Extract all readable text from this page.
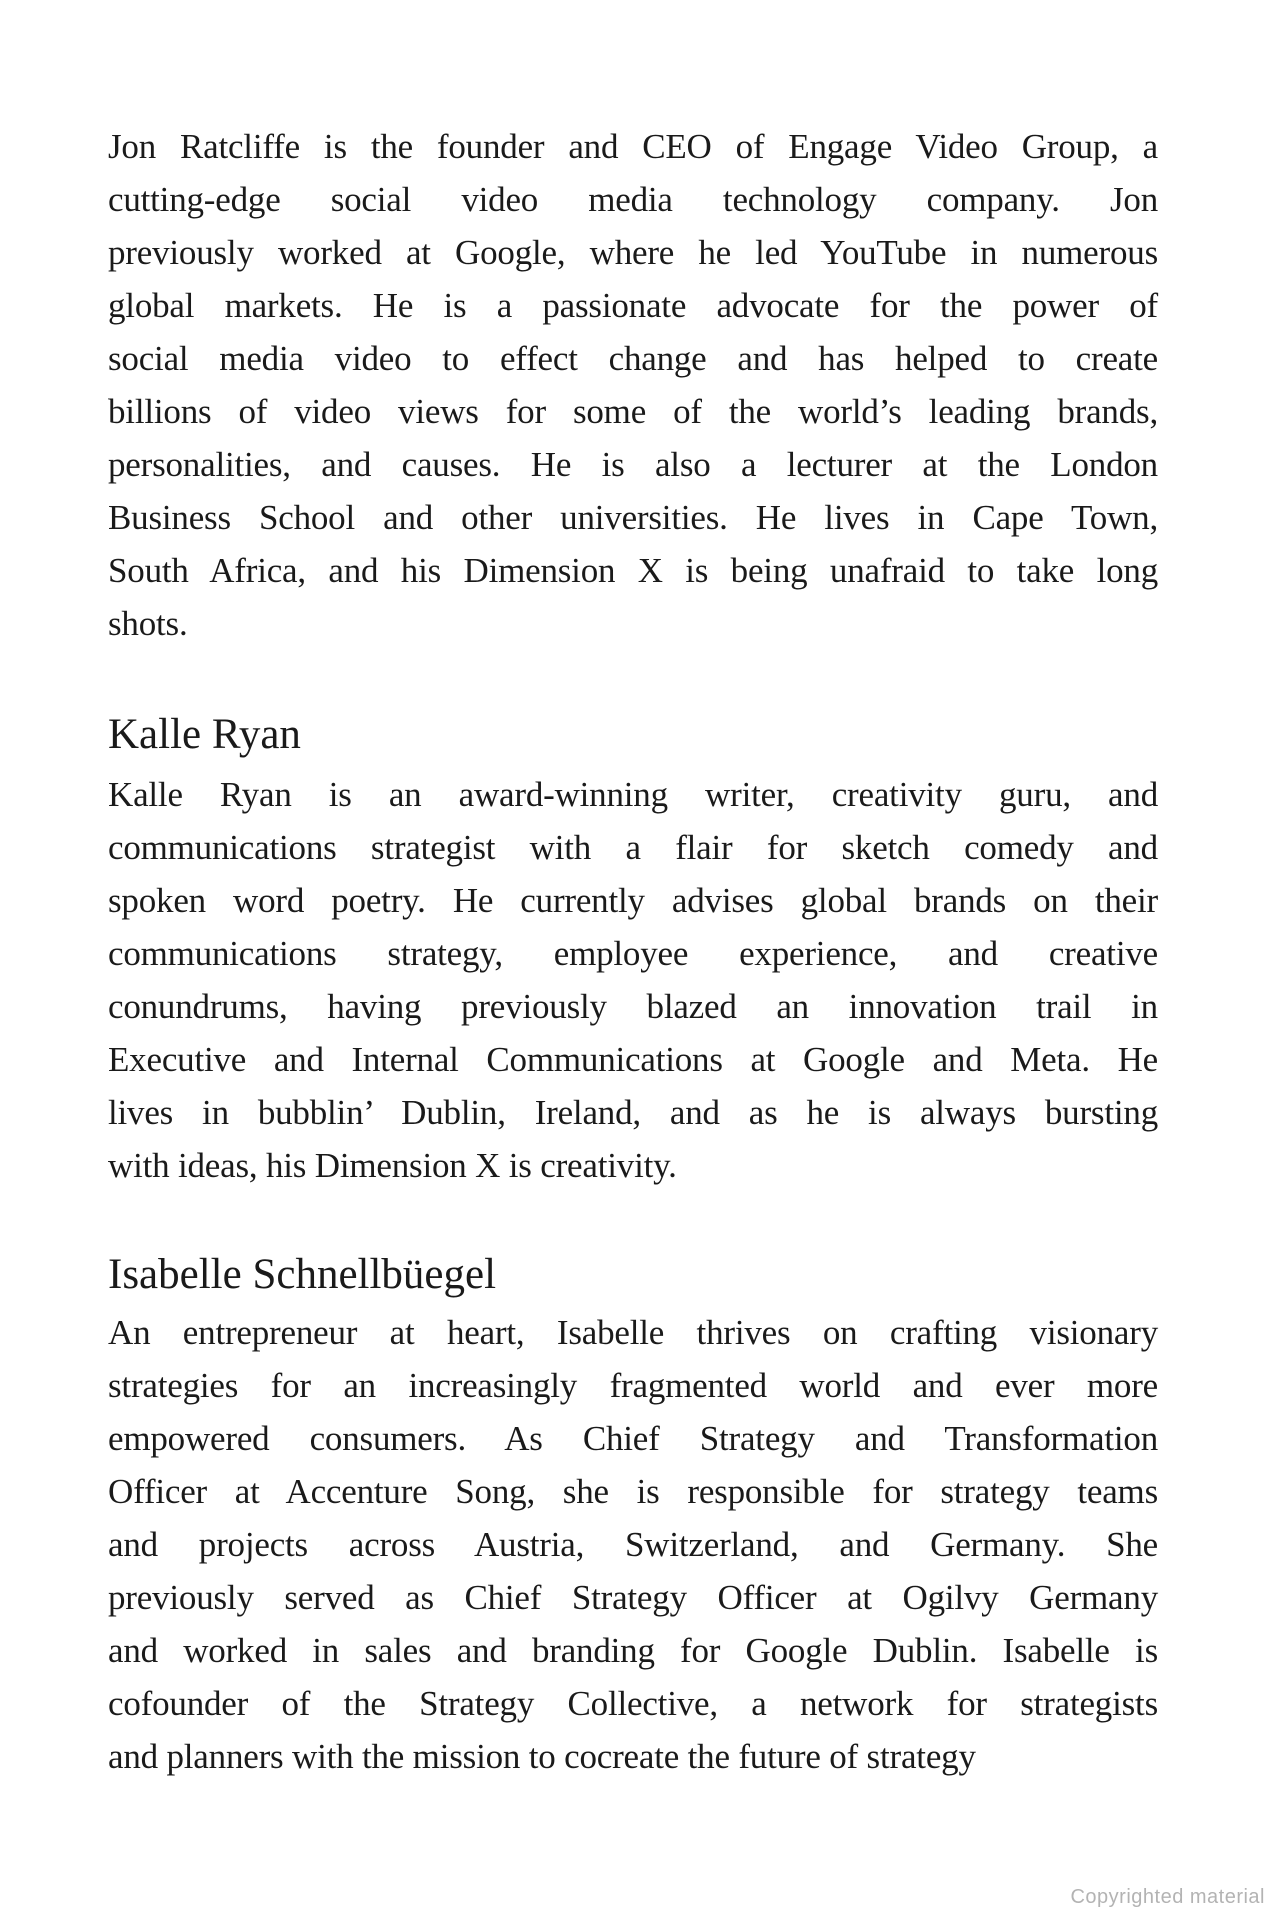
Jon Ratcliffe is the founder and CEO of Engage Video Group, a
cutting-edge social video media technology company. Jon
previously worked at Google, where he led YouTube in numerous
global markets. He is a passionate advocate for the power of
social media video to effect change and has helped to create
billions of video views for some of the world’s leading brands,
personalities, and causes. He is also a lecturer at the London
Business School and other universities. He lives in Cape Town,
South Africa, and his Dimension X is being unafraid to take long
shots.

Kalle Ryan

Kalle Ryan is an award-winning writer, creativity guru, and
communications strategist with a flair for sketch comedy and
spoken word poetry. He currently advises global brands on their
communications strategy, employee experience, and creative
conundrums, having previously blazed an innovation trail in
Executive and Internal Communications at Google and Meta. He
lives in bubblin’ Dublin, Ireland, and as he is always bursting
with ideas, his Dimension X is creativity.

Isabelle Schnellbüegel

An entrepreneur at heart, Isabelle thrives on crafting visionary
strategies for an increasingly fragmented world and ever more
empowered consumers. As Chief Strategy and Transformation
Officer at Accenture Song, she is responsible for strategy teams
and projects across Austria, Switzerland, and Germany. She
previously served as Chief Strategy Officer at Ogilvy Germany
and worked in sales and branding for Google Dublin. Isabelle is
cofounder of the Strategy Collective, a network for strategists
and planners with the mission to cocreate the future of strategy

Copyrighted material
